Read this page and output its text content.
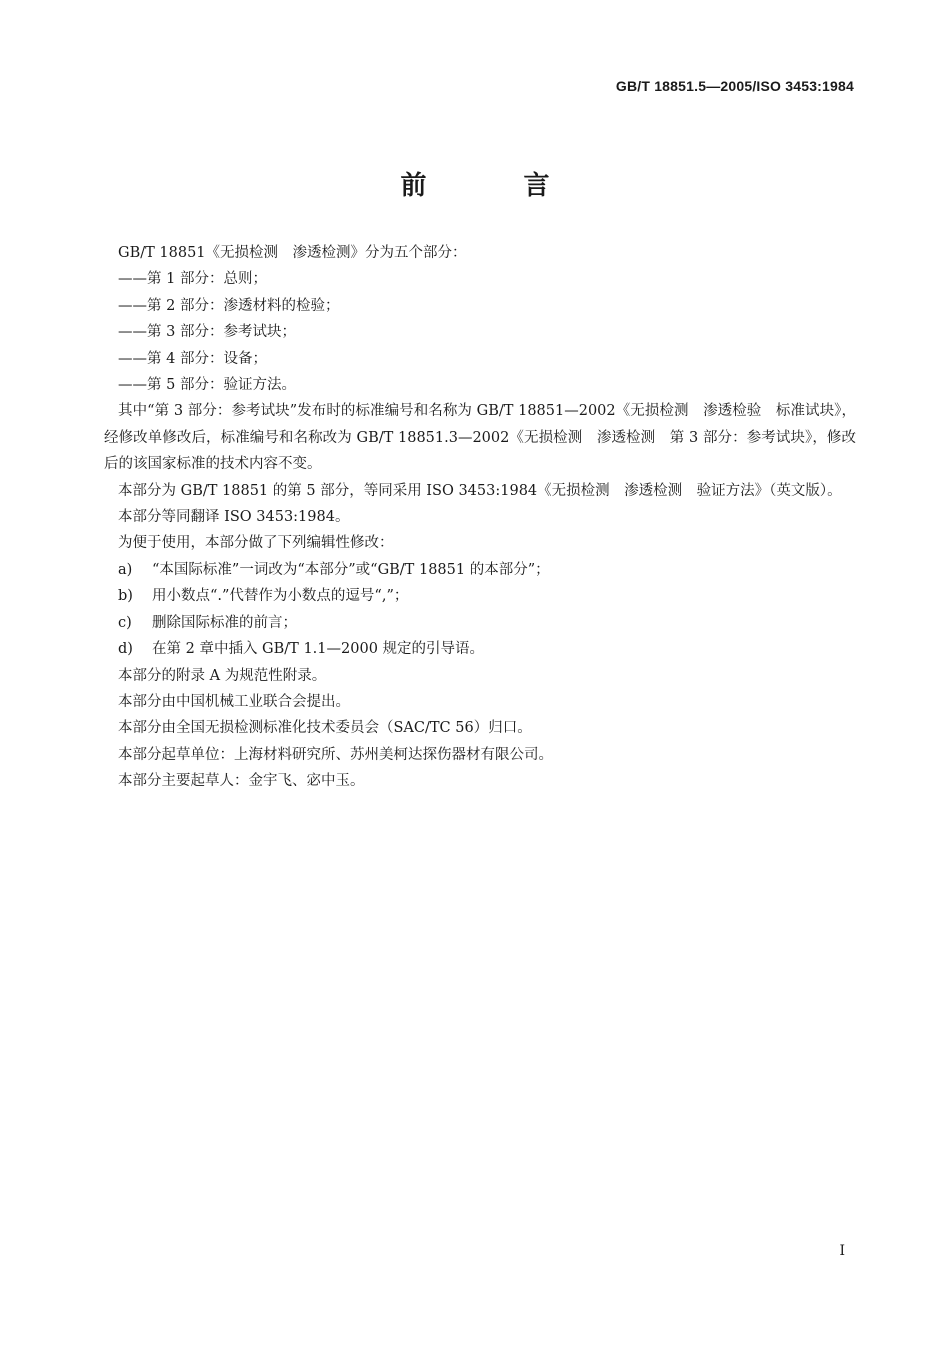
GB/T 18851.5—2005/ISO 3453:1984
前 言

GB/T 18851《无损检测　渗透检测》分为五个部分：

——第 1 部分：总则；

——第 2 部分：渗透材料的检验；

——第 3 部分：参考试块；

——第 4 部分：设备；

——第 5 部分：验证方法。

其中“第 3 部分：参考试块”发布时的标准编号和名称为 GB/T 18851—2002《无损检测　渗透检验　标准试块》，经修改单修改后，标准编号和名称改为 GB/T 18851.3—2002《无损检测　渗透检测　第 3 部分：参考试块》，修改后的该国家标准的技术内容不变。

本部分为 GB/T 18851 的第 5 部分，等同采用 ISO 3453:1984《无损检测　渗透检测　验证方法》（英文版）。

本部分等同翻译 ISO 3453:1984。

为便于使用，本部分做了下列编辑性修改：

a) “本国际标准”一词改为“本部分”或“GB/T 18851 的本部分”；

b) 用小数点“.”代替作为小数点的逗号“,”；

c) 删除国际标准的前言；

d) 在第 2 章中插入 GB/T 1.1—2000 规定的引导语。

本部分的附录 A 为规范性附录。

本部分由中国机械工业联合会提出。

本部分由全国无损检测标准化技术委员会（SAC/TC 56）归口。

本部分起草单位：上海材料研究所、苏州美柯达探伤器材有限公司。

本部分主要起草人：金宇飞、宓中玉。

I
